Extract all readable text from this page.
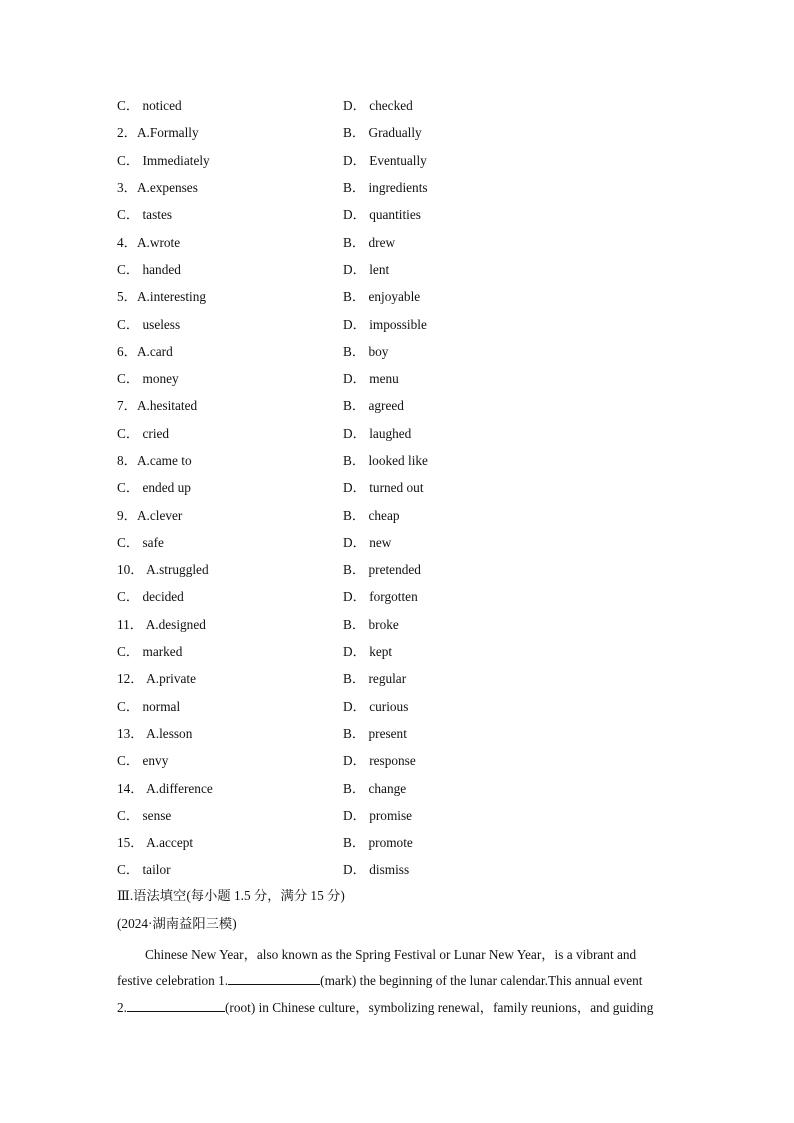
C． noticed	D． checked
2．A.Formally	B． Gradually
C． Immediately	D． Eventually
3．A.expenses	B． ingredients
C． tastes	D． quantities
4．A.wrote	B． drew
C． handed	D． lent
5．A.interesting	B． enjoyable
C． useless	D． impossible
6．A.card	B． boy
C． money	D． menu
7．A.hesitated	B． agreed
C． cried	D． laughed
8．A.came to	B． looked like
C． ended up	D． turned out
9．A.clever	B． cheap
C． safe	D． new
10． A.struggled	B． pretended
C． decided	D． forgotten
11． A.designed	B． broke
C． marked	D． kept
12． A.private	B． regular
C． normal	D． curious
13． A.lesson	B． present
C． envy	D． response
14． A.difference	B． change
C． sense	D． promise
15． A.accept	B． promote
C． tailor	D． dismiss
Ⅲ.语法填空(每小题 1.5 分，满分 15 分)
(2024·湖南益阳三模)
Chinese New Year，also known as the Spring Festival or Lunar New Year，is a vibrant and
festive celebration 1.	(mark) the beginning of the lunar calendar.This annual event
2.	(root) in Chinese culture，symbolizing renewal，family reunions，and guiding
